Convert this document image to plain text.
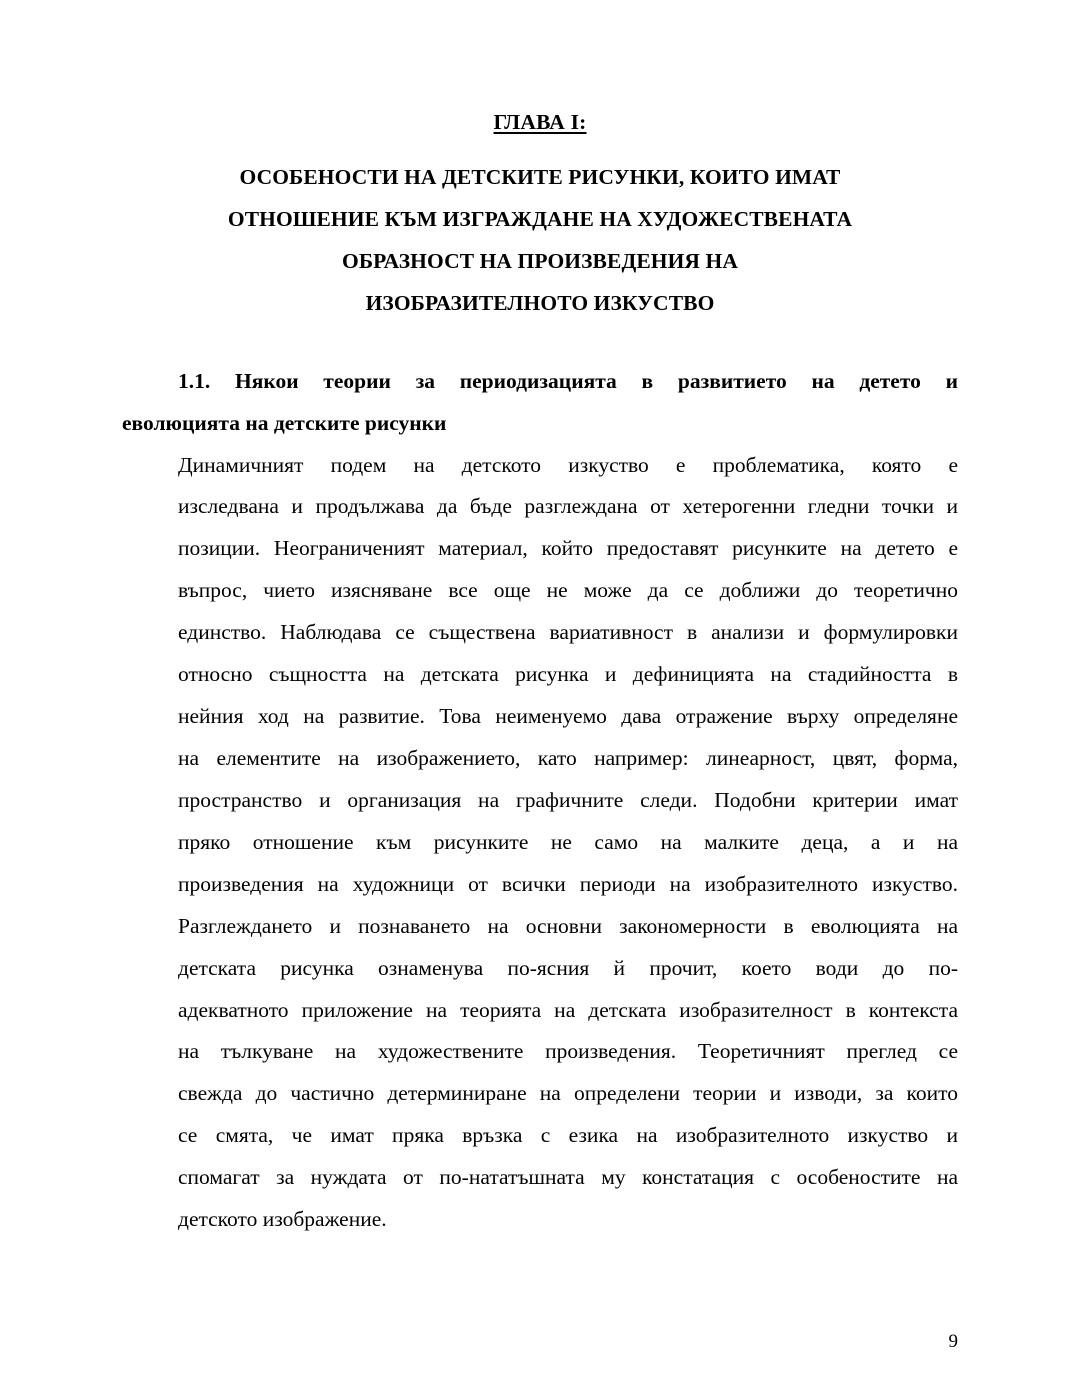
ГЛАВА I:
ОСОБЕНОСТИ НА ДЕТСКИТЕ РИСУНКИ, КОИТО ИМАТ
ОТНОШЕНИЕ КЪМ ИЗГРАЖДАНЕ НА ХУДОЖЕСТВЕНАТА
ОБРАЗНОСТ НА ПРОИЗВЕДЕНИЯ НА
ИЗОБРАЗИТЕЛНОТО ИЗКУСТВО
1.1. Някои теории за периодизацията в развитието на детето и
еволюцията на детските рисунки

Динамичният подем на детското изкуство е проблематика, която е
изследвана и продължава да бъде разглеждана от хетерогенни гледни точки и
позиции. Неограниченият материал, който предоставят рисунките на детето е
въпрос, чието изясняване все още не може да се доближи до теоретично
единство. Наблюдава се съществена вариативност в анализи и формулировки
относно същността на детската рисунка и дефиницията на стадийността в
нейния ход на развитие. Това неименуемо дава отражение върху определяне
на елементите на изображението, като например: линеарност, цвят, форма,
пространство и организация на графичните следи. Подобни критерии имат
пряко отношение към рисунките не само на малките деца, а и на
произведения на художници от всички периоди на изобразителното изкуство.
Разглеждането и познаването на основни закономерности в еволюцията на
детската рисунка ознаменува по-ясния й прочит, което води до по-
адекватното приложение на теорията на детската изобразителност в контекста
на тълкуване на художествените произведения. Теоретичният преглед се
свежда до частично детерминиране на определени теории и изводи, за които
се смята, че имат пряка връзка с езика на изобразителното изкуство и
спомагат за нуждата от по-нататъшната му констатация с особеностите на
детското изображение.

9
